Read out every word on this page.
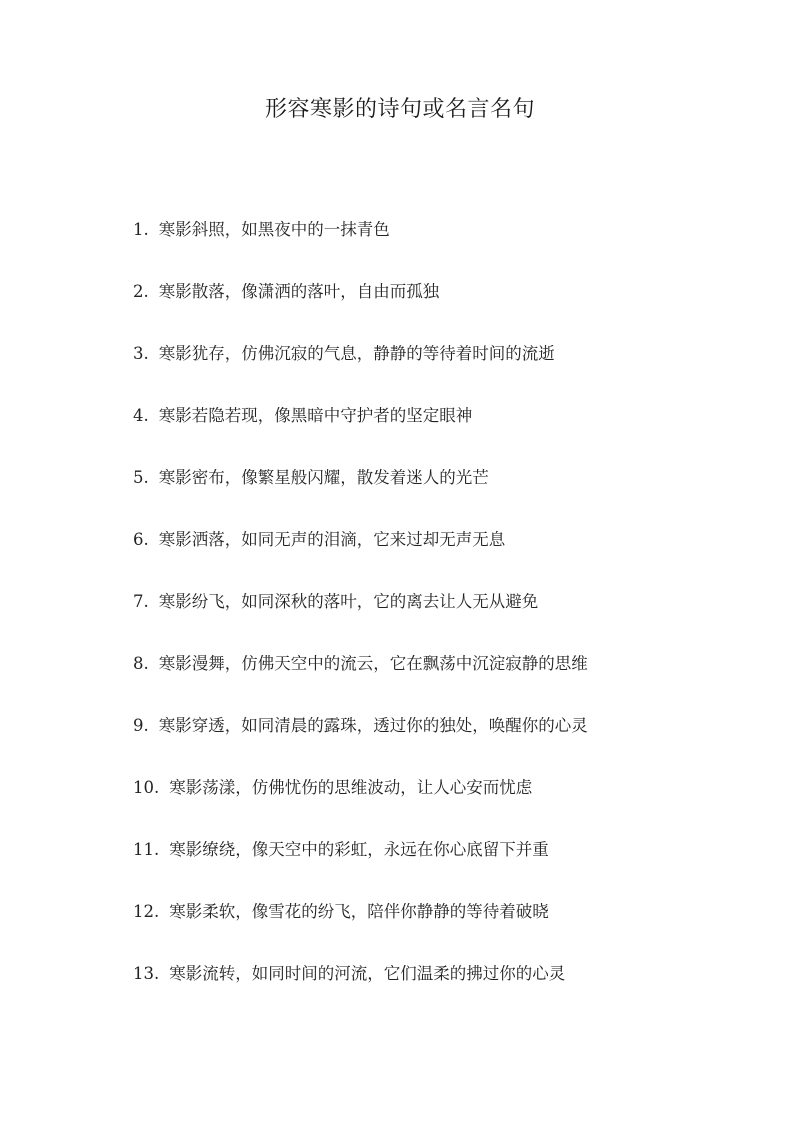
形容寒影的诗句或名言名句
1. 寒影斜照，如黑夜中的一抹青色
2. 寒影散落，像潇洒的落叶，自由而孤独
3. 寒影犹存，仿佛沉寂的气息，静静的等待着时间的流逝
4. 寒影若隐若现，像黑暗中守护者的坚定眼神
5. 寒影密布，像繁星般闪耀，散发着迷人的光芒
6. 寒影洒落，如同无声的泪滴，它来过却无声无息
7. 寒影纷飞，如同深秋的落叶，它的离去让人无从避免
8. 寒影漫舞，仿佛天空中的流云，它在飘荡中沉淀寂静的思维
9. 寒影穿透，如同清晨的露珠，透过你的独处，唤醒你的心灵
10. 寒影荡漾，仿佛忧伤的思维波动，让人心安而忧虑
11. 寒影缭绕，像天空中的彩虹，永远在你心底留下并重
12. 寒影柔软，像雪花的纷飞，陪伴你静静的等待着破晓
13. 寒影流转，如同时间的河流，它们温柔的拂过你的心灵
